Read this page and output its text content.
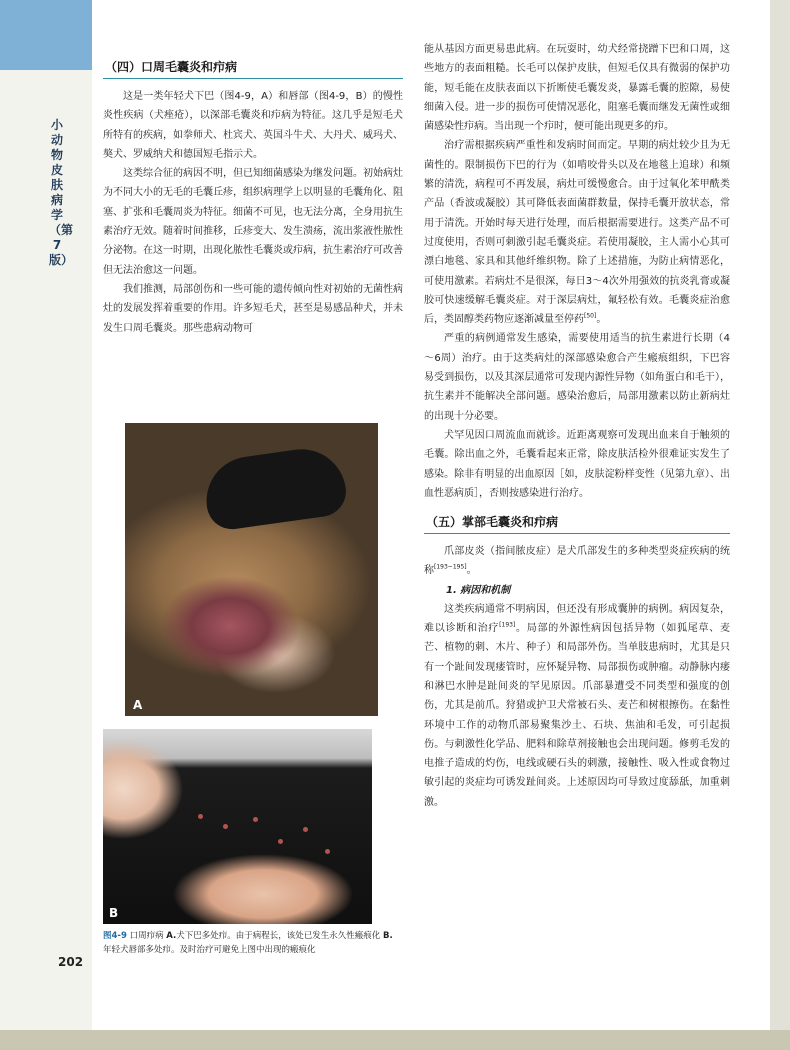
小动物皮肤病学（第7版）
202
（四）口周毛囊炎和疖病

这是一类年轻犬下巴（图4-9，A）和唇部（图4-9，B）的慢性炎性疾病（犬痤疮），以深部毛囊炎和疖病为特征。这几乎是短毛犬所特有的疾病，如拳师犬、杜宾犬、英国斗牛犬、大丹犬、威玛犬、獒犬、罗威纳犬和德国短毛指示犬。

这类综合征的病因不明，但已知细菌感染为继发问题。初始病灶为不同大小的无毛的毛囊丘疹，组织病理学上以明显的毛囊角化、阻塞、扩张和毛囊周炎为特征。细菌不可见，也无法分离，全身用抗生素治疗无效。随着时间推移，丘疹变大、发生溃疡，流出浆液性脓性分泌物。在这一时期，出现化脓性毛囊炎或疖病，抗生素治疗可改善但无法治愈这一问题。

我们推测，局部创伤和一些可能的遗传倾向性对初始的无菌性病灶的发展发挥着重要的作用。许多短毛犬，甚至是易感品种犬，并未发生口周毛囊炎。那些患病动物可

A
B
图4-9 口周疖病 A.犬下巴多处疖。由于病程长，该处已发生永久性瘢痕化 B.年轻犬唇部多处疖。及时治疗可避免上图中出现的瘢痕化

能从基因方面更易患此病。在玩耍时，幼犬经常挠蹭下巴和口周，这些地方的表面粗糙。长毛可以保护皮肤，但短毛仅具有微弱的保护功能，短毛能在皮肤表面以下折断使毛囊发炎，暴露毛囊的腔隙，易使细菌入侵。进一步的损伤可使情况恶化，阻塞毛囊而继发无菌性或细菌感染性疖病。当出现一个疖时，便可能出现更多的疖。

治疗需根据疾病严重性和发病时间而定。早期的病灶较少且为无菌性的。限制损伤下巴的行为（如啃咬骨头以及在地毯上追球）和频繁的清洗，病程可不再发展，病灶可缓慢愈合。由于过氧化苯甲酰类产品（香波或凝胶）其可降低表面菌群数量，保持毛囊开放状态，常用于清洗。开始时每天进行处理，而后根据需要进行。这类产品不可过度使用，否则可刺激引起毛囊炎症。若使用凝胶，主人需小心其可漂白地毯、家具和其他纤维织物。除了上述措施，为防止病情恶化，可使用激素。若病灶不是很深，每日3～4次外用强效的抗炎乳膏或凝胶可快速缓解毛囊炎症。对于深层病灶，氟轻松有效。毛囊炎症治愈后，类固醇类药物应逐渐减量至停药[50]。

严重的病例通常发生感染，需要使用适当的抗生素进行长期（4～6周）治疗。由于这类病灶的深部感染愈合产生瘢痕组织，下巴容易受到损伤，以及其深层通常可发现内源性异物（如角蛋白和毛干），抗生素并不能解决全部问题。感染治愈后，局部用激素以防止新病灶的出现十分必要。

犬罕见因口周流血而就诊。近距离观察可发现出血来自于触须的毛囊。除出血之外，毛囊看起来正常，除皮肤活检外很难证实发生了感染。除非有明显的出血原因［如，皮肤淀粉样变性（见第九章）、出血性恶病质］，否则按感染进行治疗。

（五）掌部毛囊炎和疖病

爪部皮炎（指间脓皮症）是犬爪部发生的多种类型炎症疾病的统称[193~195]。

1. 病因和机制

这类疾病通常不明病因，但还没有形成囊肿的病例。病因复杂，难以诊断和治疗[193]。局部的外源性病因包括异物（如狐尾草、麦芒、植物的刺、木片、种子）和局部外伤。当单肢患病时，尤其是只有一个趾间发现瘘管时，应怀疑异物、局部损伤或肿瘤。动静脉内瘘和淋巴水肿是趾间炎的罕见原因。爪部暴遭受不同类型和强度的创伤，尤其是前爪。狩猎或护卫犬常被石头、麦芒和树根擦伤。在黏性环境中工作的动物爪部易聚集沙土、石块、焦油和毛发，可引起损伤。与刺激性化学品、肥料和除草剂接触也会出现问题。修剪毛发的电推子造成的灼伤，电线或硬石头的刺激，接触性、吸入性或食物过敏引起的炎症均可诱发趾间炎。上述原因均可导致过度舔舐，加重刺激。
